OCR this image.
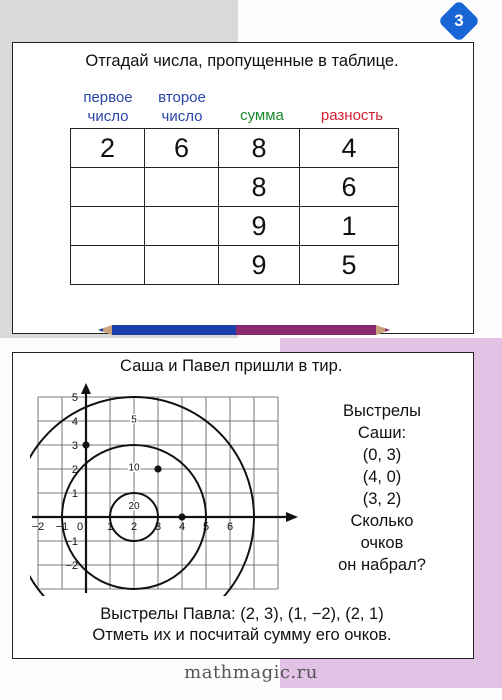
3
Отгадай числа, пропущенные в таблице.
первое
число
второе
число	сумма	разность
2	6	8	4
		8	6
		9	1
		9	5
Саша и Павел пришли в тир.
−2 −1 0 1 2 3 4 5 6
5
4
3
2
1
−1
−2
20
10
5
Выстрелы
Саши:
(0, 3)
(4, 0)
(3, 2)
Сколько
очков
он набрал?
Выстрелы Павла: (2, 3), (1, −2), (2, 1)
Отметь их и посчитай сумму его очков.
mathmagic.ru
